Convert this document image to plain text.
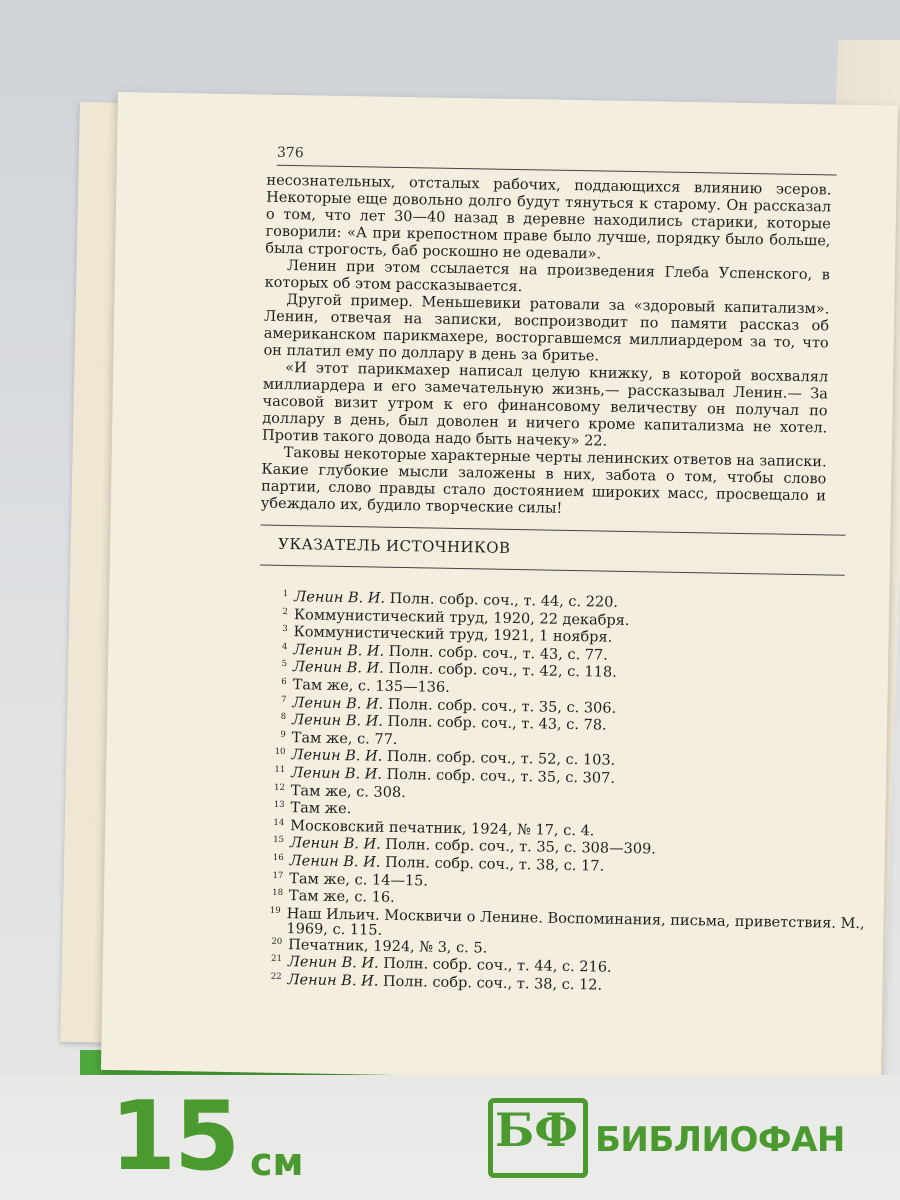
376

несознательных, отсталых рабочих, поддающихся влиянию эсеров. Некоторые еще довольно долго будут тянуться к старому. Он рассказал о том, что лет 30—40 назад в деревне находились старики, которые говорили: «А при крепостном праве было лучше, порядку было больше, была строгость, баб роскошно не одевали».

Ленин при этом ссылается на произведения Глеба Успенского, в которых об этом рассказывается.

Другой пример. Меньшевики ратовали за «здоровый капитализм». Ленин, отвечая на записки, воспроизводит по памяти рассказ об американском парикмахере, восторгавшемся миллиардером за то, что он платил ему по доллару в день за бритье.

«И этот парикмахер написал целую книжку, в которой восхвалял миллиардера и его замечательную жизнь,— рассказывал Ленин.— За часовой визит утром к его финансовому величеству он получал по доллару в день, был доволен и ничего кроме капитализма не хотел. Против такого довода надо быть начеку» 22.

Таковы некоторые характерные черты ленинских ответов на записки. Какие глубокие мысли заложены в них, забота о том, чтобы слово партии, слово правды стало достоянием широких масс, просвещало и убеждало их, будило творческие силы!

УКАЗАТЕЛЬ ИСТОЧНИКОВ
1 Ленин В. И. Полн. собр. соч., т. 44, с. 220.
2 Коммунистический труд, 1920, 22 декабря.
3 Коммунистический труд, 1921, 1 ноября.
4 Ленин В. И. Полн. собр. соч., т. 43, с. 77.
5 Ленин В. И. Полн. собр. соч., т. 42, с. 118.
6 Там же, с. 135—136.
7 Ленин В. И. Полн. собр. соч., т. 35, с. 306.
8 Ленин В. И. Полн. собр. соч., т. 43, с. 78.
9 Там же, с. 77.
10 Ленин В. И. Полн. собр. соч., т. 52, с. 103.
11 Ленин В. И. Полн. собр. соч., т. 35, с. 307.
12 Там же, с. 308.
13 Там же.
14 Московский печатник, 1924, № 17, с. 4.
15 Ленин В. И. Полн. собр. соч., т. 35, с. 308—309.
16 Ленин В. И. Полн. собр. соч., т. 38, с. 17.
17 Там же, с. 14—15.
18 Там же, с. 16.
19 Наш Ильич. Москвичи о Ленине. Воспоминания, письма, приветствия. М., 1969, с. 115.
20 Печатник, 1924, № 3, с. 5.
21 Ленин В. И. Полн. собр. соч., т. 44, с. 216.
22 Ленин В. И. Полн. собр. соч., т. 38, с. 12.
15 см
БФ БИБЛИОФАН
